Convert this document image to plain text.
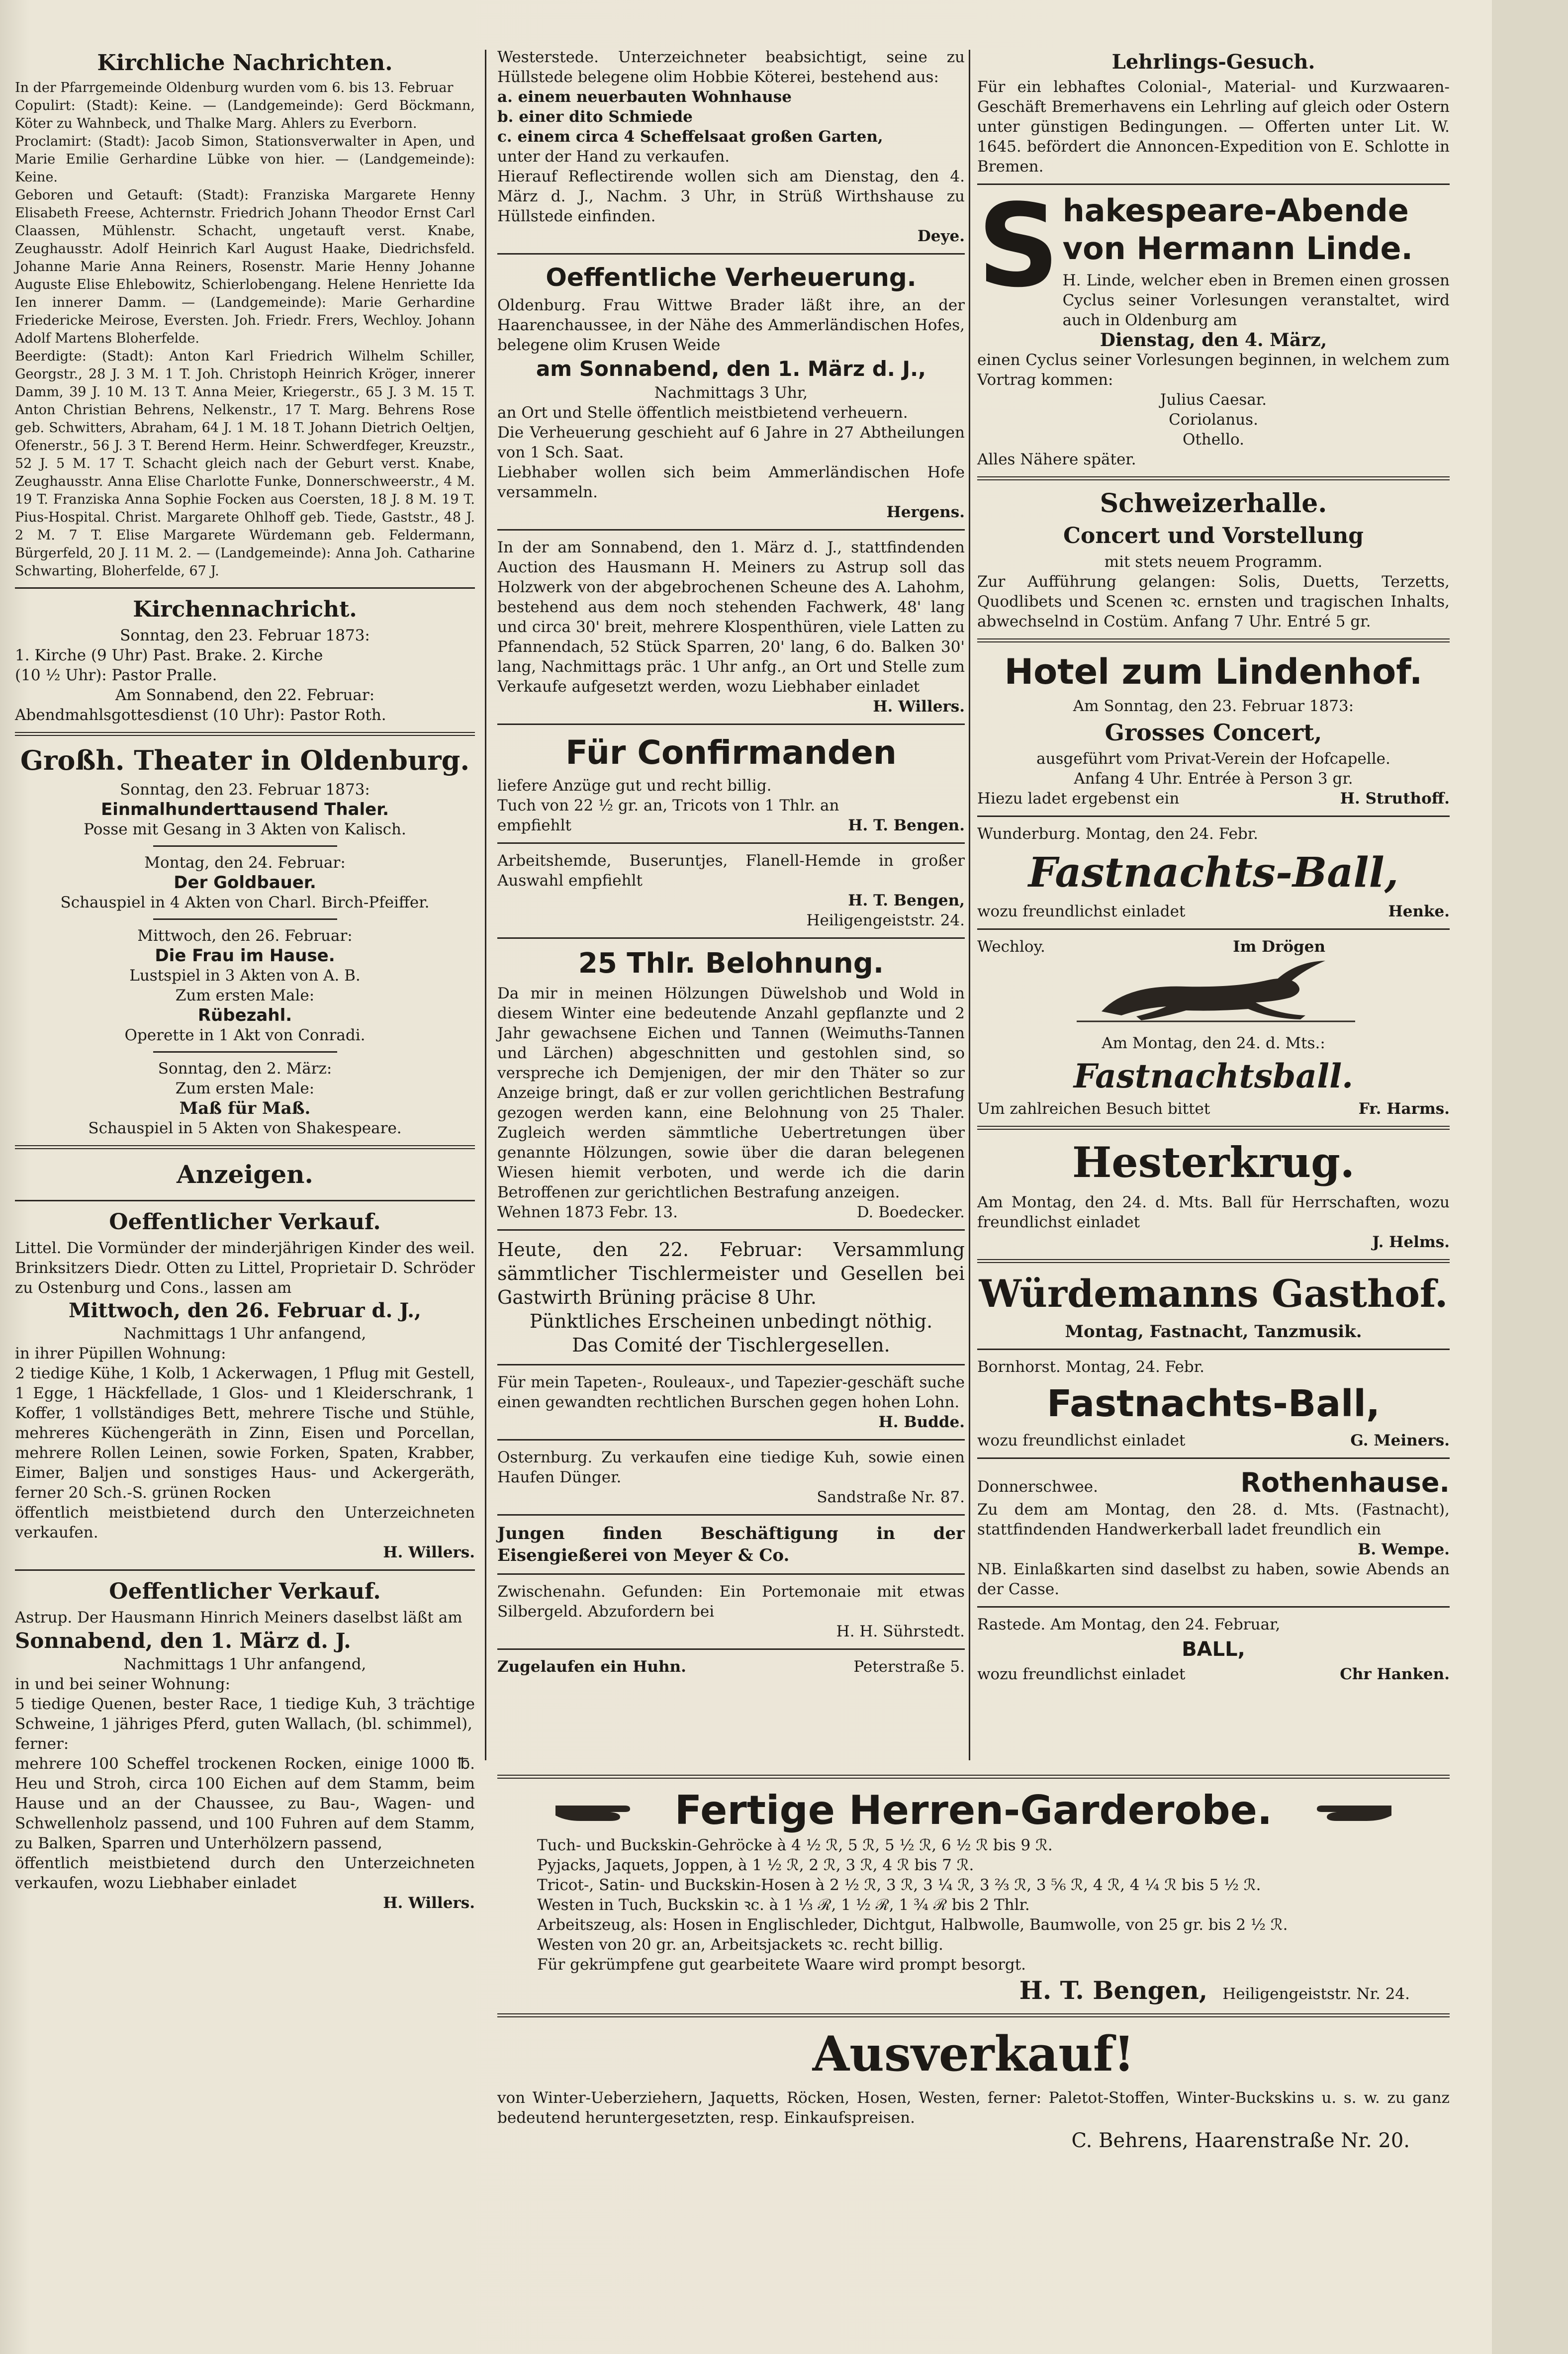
Kirchliche Nachrichten.

In der Pfarrgemeinde Oldenburg wurden vom 6. bis 13. Februar

Copulirt: (Stadt): Keine. — (Landgemeinde): Gerd Böckmann, Köter zu Wahnbeck, und Thalke Marg. Ahlers zu Everborn.

Proclamirt: (Stadt): Jacob Simon, Stationsverwalter in Apen, und Marie Emilie Gerhardine Lübke von hier. — (Landgemeinde): Keine.

Geboren und Getauft: (Stadt): Franziska Margarete Henny Elisabeth Freese, Achternstr. Friedrich Johann Theodor Ernst Carl Claassen, Mühlenstr. Schacht, ungetauft verst. Knabe, Zeughausstr. Adolf Heinrich Karl August Haake, Diedrichsfeld. Johanne Marie Anna Reiners, Rosenstr. Marie Henny Johanne Auguste Elise Ehlebowitz, Schierlobengang. Helene Henriette Ida Ien innerer Damm. — (Landgemeinde): Marie Gerhardine Friedericke Meirose, Eversten. Joh. Friedr. Frers, Wechloy. Johann Adolf Martens Bloherfelde.

Beerdigte: (Stadt): Anton Karl Friedrich Wilhelm Schiller, Georgstr., 28 J. 3 M. 1 T. Joh. Christoph Heinrich Kröger, innerer Damm, 39 J. 10 M. 13 T. Anna Meier, Kriegerstr., 65 J. 3 M. 15 T. Anton Christian Behrens, Nelkenstr., 17 T. Marg. Behrens Rose geb. Schwitters, Abraham, 64 J. 1 M. 18 T. Johann Dietrich Oeltjen, Ofenerstr., 56 J. 3 T. Berend Herm. Heinr. Schwerdfeger, Kreuzstr., 52 J. 5 M. 17 T. Schacht gleich nach der Geburt verst. Knabe, Zeughausstr. Anna Elise Charlotte Funke, Donnerschweerstr., 4 M. 19 T. Franziska Anna Sophie Focken aus Coersten, 18 J. 8 M. 19 T. Pius-Hospital. Christ. Margarete Ohlhoff geb. Tiede, Gaststr., 48 J. 2 M. 7 T. Elise Margarete Würdemann geb. Feldermann, Bürgerfeld, 20 J. 11 M. 2. — (Landgemeinde): Anna Joh. Catharine Schwarting, Bloherfelde, 67 J.

Kirchennachricht.

Sonntag, den 23. Februar 1873:

1. Kirche (9 Uhr) Past. Brake. 2. Kirche

(10 ½ Uhr): Pastor Pralle.

Am Sonnabend, den 22. Februar:

Abendmahlsgottesdienst (10 Uhr): Pastor Roth.

Großh. Theater in Oldenburg.

Sonntag, den 23. Februar 1873:

Einmalhunderttausend Thaler.

Posse mit Gesang in 3 Akten von Kalisch.

Montag, den 24. Februar:

Der Goldbauer.

Schauspiel in 4 Akten von Charl. Birch-Pfeiffer.

Mittwoch, den 26. Februar:

Die Frau im Hause.

Lustspiel in 3 Akten von A. B.

Zum ersten Male:

Rübezahl.

Operette in 1 Akt von Conradi.

Sonntag, den 2. März:

Zum ersten Male:

Maß für Maß.

Schauspiel in 5 Akten von Shakespeare.

Anzeigen.
Oeffentlicher Verkauf.

Littel. Die Vormünder der minderjährigen Kinder des weil. Brinksitzers Diedr. Otten zu Littel, Proprietair D. Schröder zu Ostenburg und Cons., lassen am

Mittwoch, den 26. Februar d. J.,

Nachmittags 1 Uhr anfangend,

in ihrer Püpillen Wohnung:

2 tiedige Kühe, 1 Kolb, 1 Ackerwagen, 1 Pflug mit Gestell, 1 Egge, 1 Häckfellade, 1 Glos- und 1 Kleiderschrank, 1 Koffer, 1 vollständiges Bett, mehrere Tische und Stühle, mehreres Küchengeräth in Zinn, Eisen und Porcellan, mehrere Rollen Leinen, sowie Forken, Spaten, Krabber, Eimer, Baljen und sonstiges Haus- und Ackergeräth, ferner 20 Sch.-S. grünen Rocken

öffentlich meistbietend durch den Unterzeichneten verkaufen.

H. Willers.

Oeffentlicher Verkauf.

Astrup. Der Hausmann Hinrich Meiners daselbst läßt am

Sonnabend, den 1. März d. J.

Nachmittags 1 Uhr anfangend,

in und bei seiner Wohnung:

5 tiedige Quenen, bester Race, 1 tiedige Kuh, 3 trächtige Schweine, 1 jähriges Pferd, guten Wallach, (bl. schimmel),

ferner:

mehrere 100 Scheffel trockenen Rocken, einige 1000 ℔. Heu und Stroh, circa 100 Eichen auf dem Stamm, beim Hause und an der Chaussee, zu Bau-, Wagen- und Schwellenholz passend, und 100 Fuhren auf dem Stamm, zu Balken, Sparren und Unterhölzern passend,

öffentlich meistbietend durch den Unterzeichneten verkaufen, wozu Liebhaber einladet

H. Willers.

Westerstede. Unterzeichneter beabsichtigt, seine zu Hüllstede belegene olim Hobbie Köterei, bestehend aus:

a. einem neuerbauten Wohnhause

b. einer dito Schmiede

c. einem circa 4 Scheffelsaat großen Garten,

unter der Hand zu verkaufen.

Hierauf Reflectirende wollen sich am Dienstag, den 4. März d. J., Nachm. 3 Uhr, in Strüß Wirthshause zu Hüllstede einfinden.

Deye.

Oeffentliche Verheuerung.

Oldenburg. Frau Wittwe Brader läßt ihre, an der Haarenchaussee, in der Nähe des Ammerländischen Hofes, belegene olim Krusen Weide

am Sonnabend, den 1. März d. J.,

Nachmittags 3 Uhr,

an Ort und Stelle öffentlich meistbietend verheuern.

Die Verheuerung geschieht auf 6 Jahre in 27 Abtheilungen von 1 Sch. Saat.

Liebhaber wollen sich beim Ammerländischen Hofe versammeln.

Hergens.

In der am Sonnabend, den 1. März d. J., stattfindenden Auction des Hausmann H. Meiners zu Astrup soll das Holzwerk von der abgebrochenen Scheune des A. Lahohm, bestehend aus dem noch stehenden Fachwerk, 48' lang und circa 30' breit, mehrere Klospenthüren, viele Latten zu Pfannendach, 52 Stück Sparren, 20' lang, 6 do. Balken 30' lang, Nachmittags präc. 1 Uhr anfg., an Ort und Stelle zum Verkaufe aufgesetzt werden, wozu Liebhaber einladet

H. Willers.

Für Confirmanden

liefere Anzüge gut und recht billig.

Tuch von 22 ½ gr. an, Tricots von 1 Thlr. an

empfiehlt	H. T. Bengen.

Arbeitshemde, Buseruntjes, Flanell-Hemde in großer Auswahl empfiehlt

H. T. Bengen,

Heiligengeiststr. 24.

25 Thlr. Belohnung.

Da mir in meinen Hölzungen Düwelshob und Wold in diesem Winter eine bedeutende Anzahl gepflanzte und 2 Jahr gewachsene Eichen und Tannen (Weimuths-Tannen und Lärchen) abgeschnitten und gestohlen sind, so verspreche ich Demjenigen, der mir den Thäter so zur Anzeige bringt, daß er zur vollen gerichtlichen Bestrafung gezogen werden kann, eine Belohnung von 25 Thaler. Zugleich werden sämmtliche Uebertretungen über genannte Hölzungen, sowie über die daran belegenen Wiesen hiemit verboten, und werde ich die darin Betroffenen zur gerichtlichen Bestrafung anzeigen.

Wehnen 1873 Febr. 13.	D. Boedecker.

Heute, den 22. Februar: Versammlung sämmtlicher Tischlermeister und Gesellen bei Gastwirth Brüning präcise 8 Uhr.

Pünktliches Erscheinen unbedingt nöthig.

Das Comité der Tischlergesellen.

Für mein Tapeten-, Rouleaux-, und Tapezier-geschäft suche einen gewandten rechtlichen Burschen gegen hohen Lohn.

H. Budde.

Osternburg. Zu verkaufen eine tiedige Kuh, sowie einen Haufen Dünger.

Sandstraße Nr. 87.

Jungen finden Beschäftigung in der Eisengießerei von Meyer & Co.

Zwischenahn. Gefunden: Ein Portemonaie mit etwas Silbergeld. Abzufordern bei

H. H. Sührstedt.

Zugelaufen ein Huhn.	Peterstraße 5.
Lehrlings-Gesuch.

Für ein lebhaftes Colonial-, Material- und Kurzwaaren-Geschäft Bremerhavens ein Lehrling auf gleich oder Ostern unter günstigen Bedingungen. — Offerten unter Lit. W. 1645. befördert die Annoncen-Expedition von E. Schlotte in Bremen.

S hakespeare-Abende
von Hermann Linde.

H. Linde, welcher eben in Bremen einen grossen Cyclus seiner Vorlesungen veranstaltet, wird auch in Oldenburg am

Dienstag, den 4. März,

einen Cyclus seiner Vorlesungen beginnen, in welchem zum Vortrag kommen:

Julius Caesar.

Coriolanus.

Othello.

Alles Nähere später.

Schweizerhalle.
Concert und Vorstellung

mit stets neuem Programm.

Zur Aufführung gelangen: Solis, Duetts, Terzetts, Quodlibets und Scenen ꝛc. ernsten und tragischen Inhalts, abwechselnd in Costüm. Anfang 7 Uhr. Entré 5 gr.

Hotel zum Lindenhof.

Am Sonntag, den 23. Februar 1873:

Grosses Concert,

ausgeführt vom Privat-Verein der Hofcapelle.

Anfang 4 Uhr. Entrée à Person 3 gr.

Hiezu ladet ergebenst ein	H. Struthoff.

Wunderburg. Montag, den 24. Febr.

Fastnachts-Ball,
wozu freundlichst einladet	Henke.
Wechloy.	Im Drögen

Am Montag, den 24. d. Mts.:

Fastnachtsball.
Um zahlreichen Besuch bittet	Fr. Harms.
Hesterkrug.

Am Montag, den 24. d. Mts. Ball für Herrschaften, wozu freundlichst einladet

J. Helms.

Würdemanns Gasthof.

Montag, Fastnacht, Tanzmusik.

Bornhorst. Montag, 24. Febr.

Fastnachts-Ball,
wozu freundlichst einladet	G. Meiners.
Donnerschwee.	Rothenhause.

Zu dem am Montag, den 28. d. Mts. (Fastnacht), stattfindenden Handwerkerball ladet freundlich ein

B. Wempe.

NB. Einlaßkarten sind daselbst zu haben, sowie Abends an der Casse.

Rastede. Am Montag, den 24. Februar,

BALL,
wozu freundlichst einladet	Chr Hanken.
Fertige Herren-Garderobe.

Tuch- und Buckskin-Gehröcke à 4 ½ ℛ, 5 ℛ, 5 ½ ℛ, 6 ½ ℛ bis 9 ℛ.

Pyjacks, Jaquets, Joppen, à 1 ½ ℛ, 2 ℛ, 3 ℛ, 4 ℛ bis 7 ℛ.

Tricot-, Satin- und Buckskin-Hosen à 2 ½ ℛ, 3 ℛ, 3 ¼ ℛ, 3 ⅔ ℛ, 3 ⅚ ℛ, 4 ℛ, 4 ¼ ℛ bis 5 ½ ℛ.

Westen in Tuch, Buckskin ꝛc. à 1 ⅓ ℛ, 1 ½ ℛ, 1 ¾ ℛ bis 2 Thlr.

Arbeitszeug, als: Hosen in Englischleder, Dichtgut, Halbwolle, Baumwolle, von 25 gr. bis 2 ½ ℛ.

Westen von 20 gr. an, Arbeitsjackets ꝛc. recht billig.

Für gekrümpfene gut gearbeitete Waare wird prompt besorgt.

H. T. Bengen, Heiligengeiststr. Nr. 24.
Ausverkauf!

von Winter-Ueberziehern, Jaquetts, Röcken, Hosen, Westen, ferner: Paletot-Stoffen, Winter-Buckskins u. s. w. zu ganz bedeutend heruntergesetzten, resp. Einkaufspreisen.

C. Behrens, Haarenstraße Nr. 20.
